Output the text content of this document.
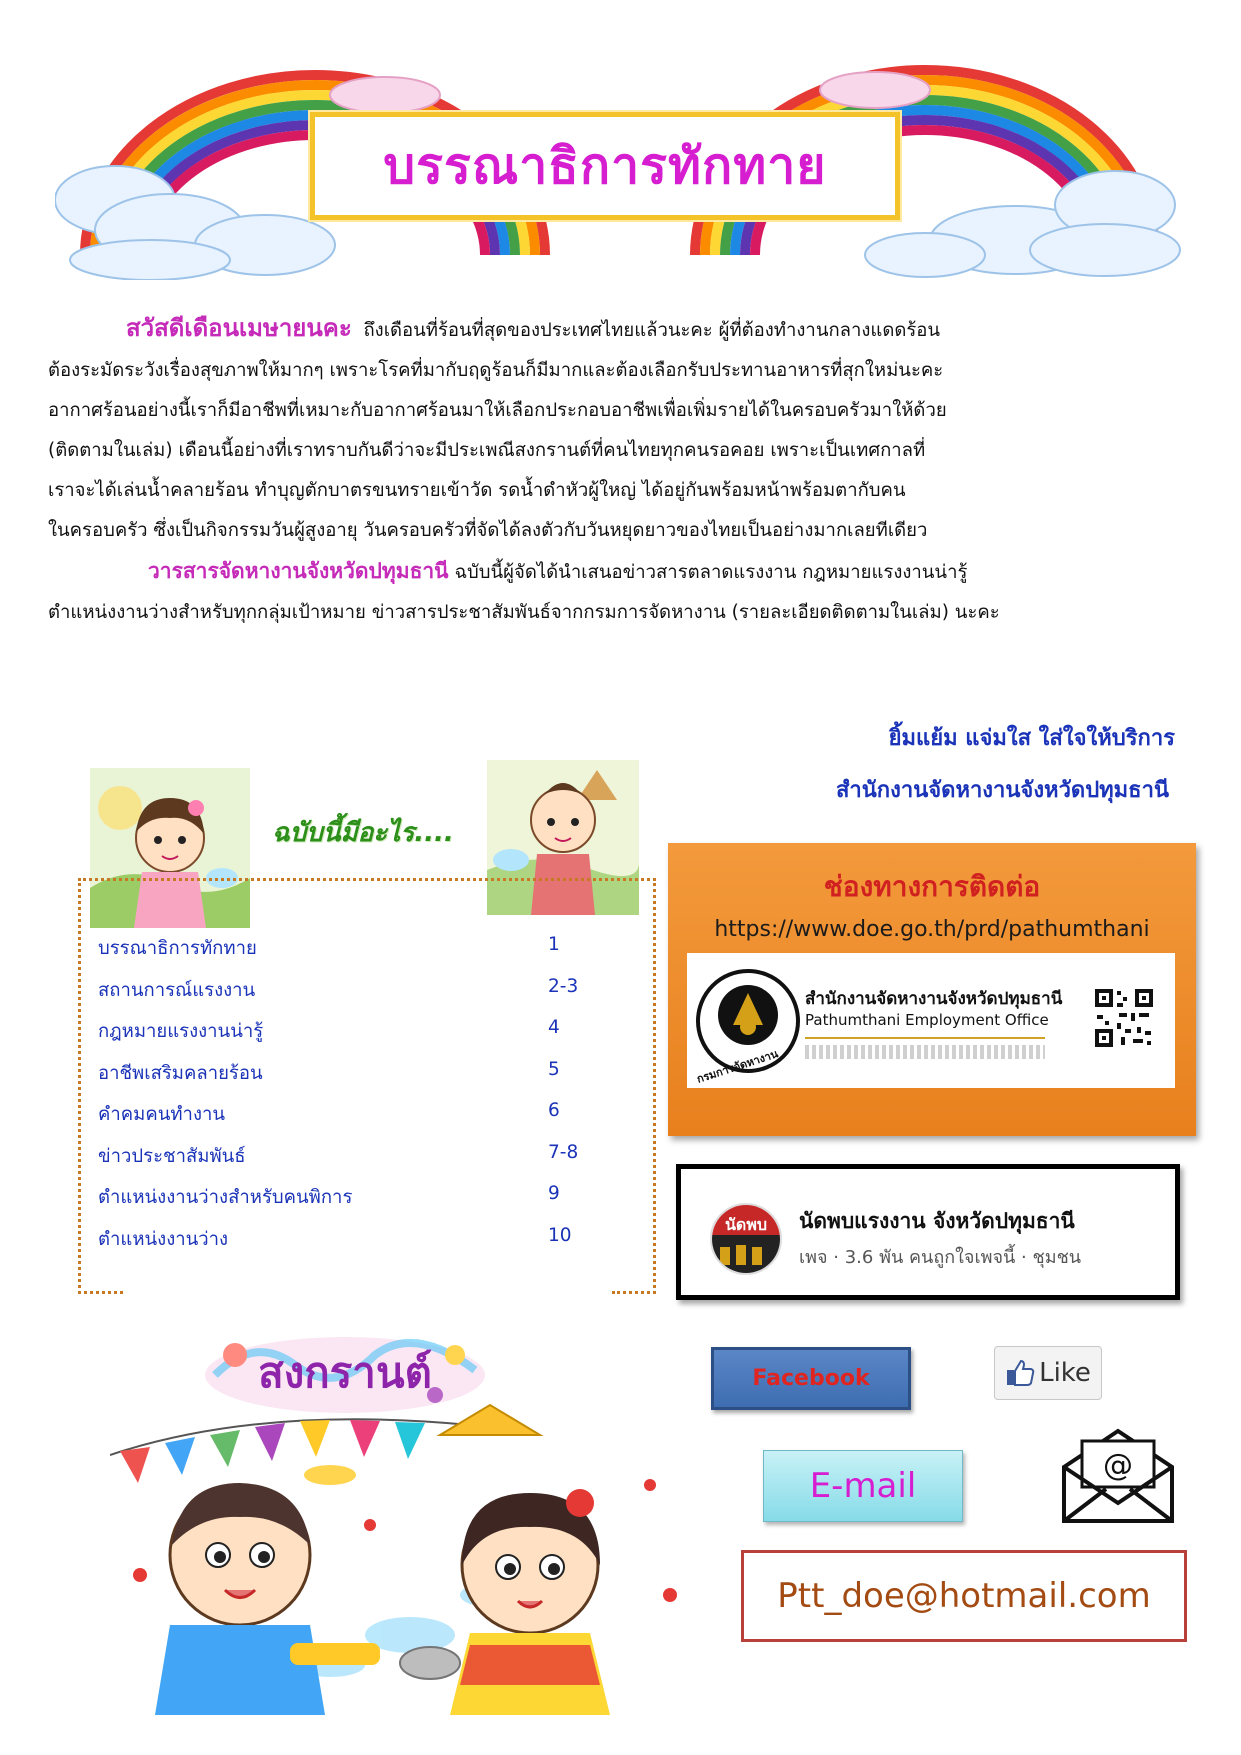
บรรณาธิการทักทาย

สวัสดีเดือนเมษายนคะ ถึงเดือนที่ร้อนที่สุดของประเทศไทยแล้วนะคะ ผู้ที่ต้องทำงานกลางแดดร้อน

ต้องระมัดระวังเรื่องสุขภาพให้มากๆ เพราะโรคที่มากับฤดูร้อนก็มีมากและต้องเลือกรับประทานอาหารที่สุกใหม่นะคะ

อากาศร้อนอย่างนี้เราก็มีอาชีพที่เหมาะกับอากาศร้อนมาให้เลือกประกอบอาชีพเพื่อเพิ่มรายได้ในครอบครัวมาให้ด้วย

(ติดตามในเล่ม) เดือนนี้อย่างที่เราทราบกันดีว่าจะมีประเพณีสงกรานต์ที่คนไทยทุกคนรอคอย เพราะเป็นเทศกาลที่

เราจะได้เล่นน้ำคลายร้อน ทำบุญตักบาตรขนทรายเข้าวัด รดน้ำดำหัวผู้ใหญ่ ได้อยู่กันพร้อมหน้าพร้อมตากับคน

ในครอบครัว ซึ่งเป็นกิจกรรมวันผู้สูงอายุ วันครอบครัวที่จัดได้ลงตัวกับวันหยุดยาวของไทยเป็นอย่างมากเลยทีเดียว

วารสารจัดหางานจังหวัดปทุมธานี ฉบับนี้ผู้จัดได้นำเสนอข่าวสารตลาดแรงงาน กฎหมายแรงงานน่ารู้

ตำแหน่งงานว่างสำหรับทุกกลุ่มเป้าหมาย ข่าวสารประชาสัมพันธ์จากกรมการจัดหางาน (รายละเอียดติดตามในเล่ม) นะคะ

ยิ้มแย้ม แจ่มใส ใส่ใจให้บริการ
สำนักงานจัดหางานจังหวัดปทุมธานี
ฉบับนี้มีอะไร....
บรรณาธิการทักทาย	1
สถานการณ์แรงงาน	2-3
กฎหมายแรงงานน่ารู้	4
อาชีพเสริมคลายร้อน	5
คำคมคนทำงาน	6
ข่าวประชาสัมพันธ์	7-8
ตำแหน่งงานว่างสำหรับคนพิการ	9
ตำแหน่งงานว่าง	10
ช่องทางการติดต่อ
https://www.doe.go.th/prd/pathumthani
กรมการจัดหางาน
สำนักงานจัดหางานจังหวัดปทุมธานี
Pathumthani Employment Office
นัดพบ	นัดพบแรงงาน จังหวัดปทุมธานี
เพจ · 3.6 พัน คนถูกใจเพจนี้ · ชุมชน
Facebook	Like
E-mail
@
Ptt_doe@hotmail.com
สงกรานต์
